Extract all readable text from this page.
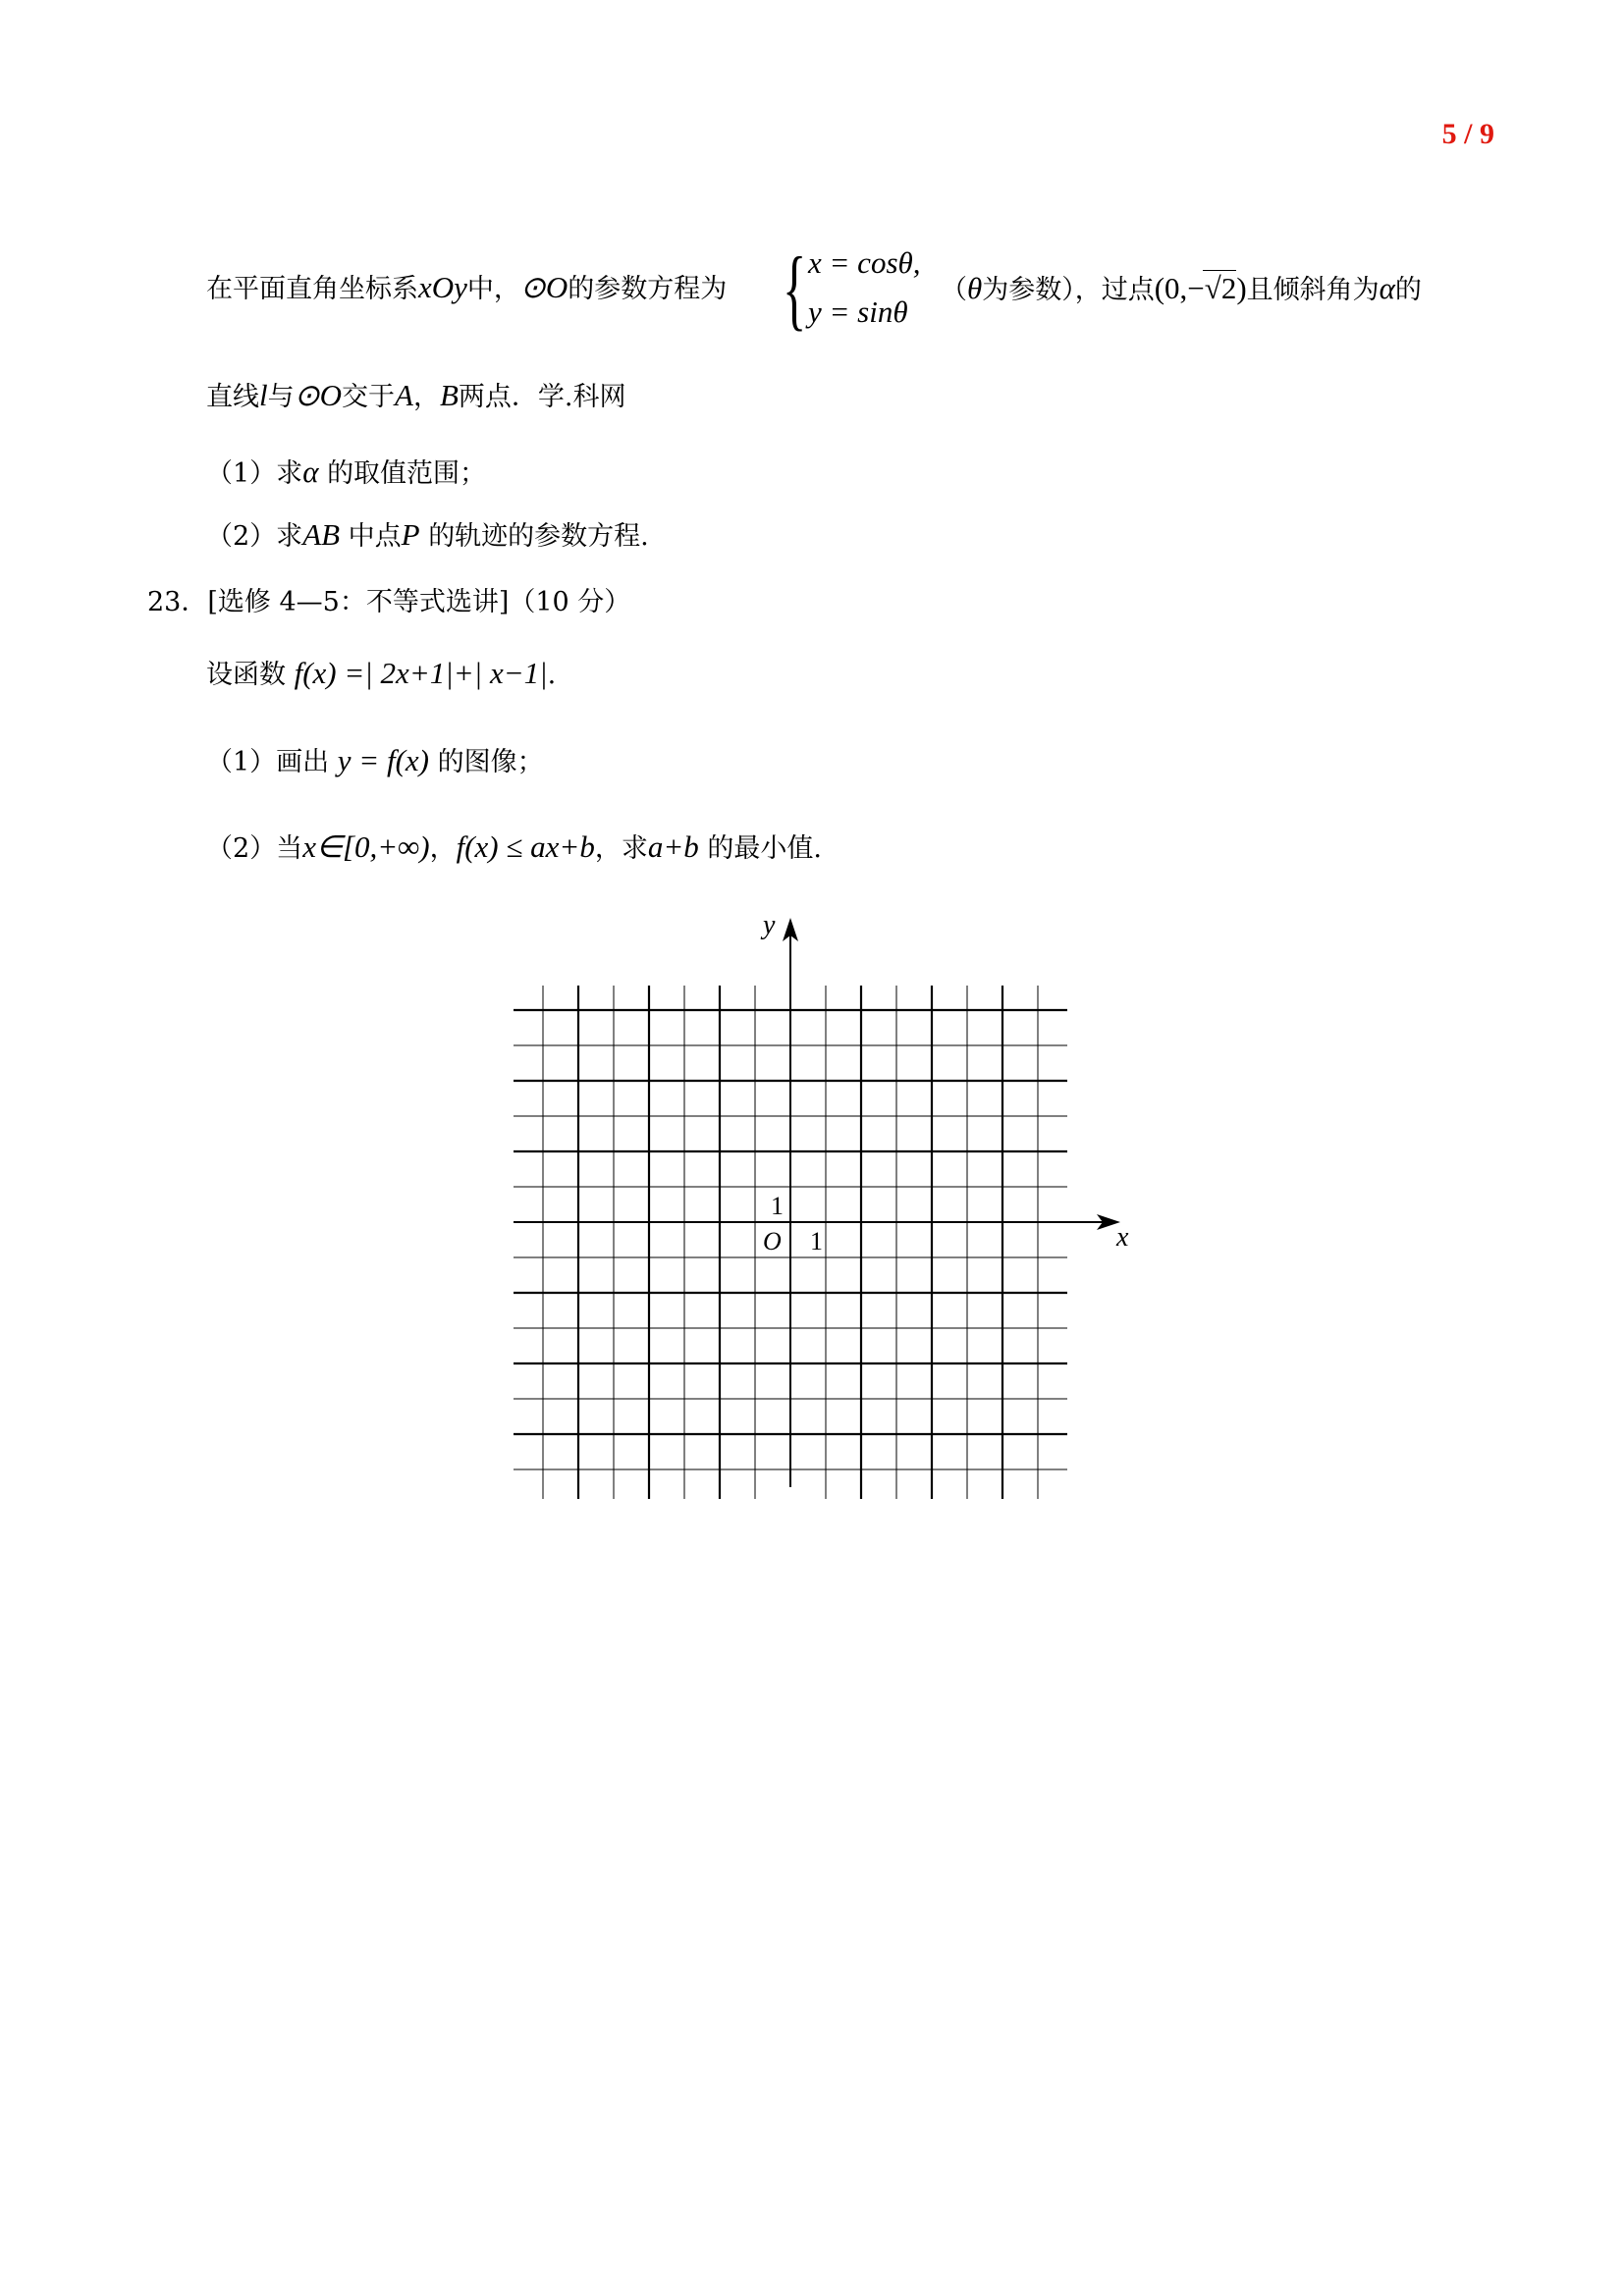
5 / 9
在平面直角坐标系xOy中，⊙O的参数方程为 { x = cosθ,
y = sinθ
（θ为参数），过点(0,−√2)且倾斜角为α的
直线l与⊙O交于A，B两点．学.科网
（1）求α 的取值范围；
（2）求AB 中点P 的轨迹的参数方程.
23．[选修 4—5：不等式选讲]（10 分）
设函数 f(x) =| 2x+1|+| x−1|.
（1）画出 y = f(x) 的图像；
（2）当x∈[0,+∞)，f(x) ≤ ax+b，求a+b 的最小值.
x
y
O 1
1
